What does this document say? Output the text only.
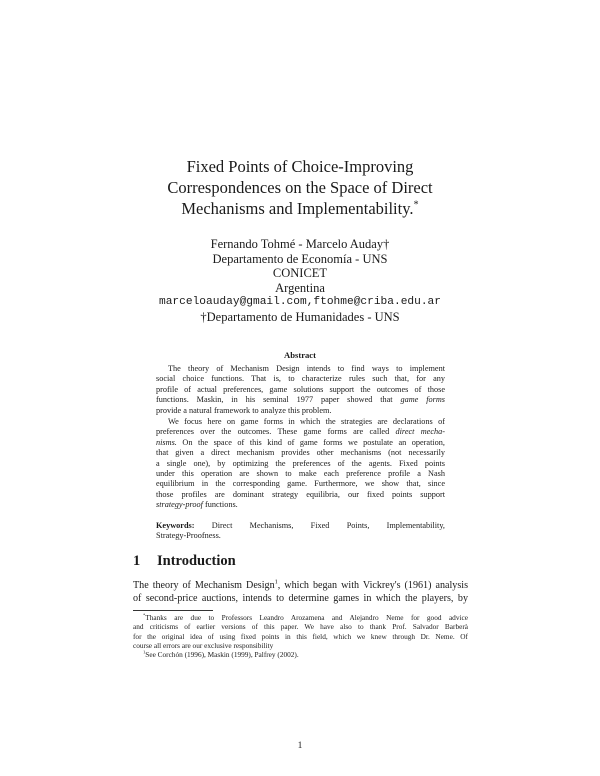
Fixed Points of Choice-Improving
Correspondences on the Space of Direct
Mechanisms and Implementability.*
Fernando Tohmé - Marcelo Auday†
Departamento de Economía - UNS
CONICET
Argentina
marceloauday@gmail.com,ftohme@criba.edu.ar
†Departamento de Humanidades - UNS
Abstract
The theory of Mechanism Design intends to find ways to implement
social choice functions. That is, to characterize rules such that, for any
profile of actual preferences, game solutions support the outcomes of those
functions. Maskin, in his seminal 1977 paper showed that game forms
provide a natural framework to analyze this problem.
We focus here on game forms in which the strategies are declarations of
preferences over the outcomes. These game forms are called direct mecha-
nisms. On the space of this kind of game forms we postulate an operation,
that given a direct mechanism provides other mechanisms (not necessarily
a single one), by optimizing the preferences of the agents. Fixed points
under this operation are shown to make each preference profile a Nash
equilibrium in the corresponding game. Furthermore, we show that, since
those profiles are dominant strategy equilibria, our fixed points support
strategy-proof functions.
Keywords: Direct Mechanisms, Fixed Points, Implementability,
Strategy-Proofness.
1 Introduction
The theory of Mechanism Design$^1$, which began with Vickrey's (1961) analysis
of second-price auctions, intends to determine games in which the players, by
*Thanks are due to Professors Leandro Arozamena and Alejandro Neme for good advice
and criticisms of earlier versions of this paper. We have also to thank Prof. Salvador Barberà
for the original idea of using fixed points in this field, which we knew through Dr. Neme. Of
course all errors are our exclusive responsibility
$^1$See Corchón (1996), Maskin (1999), Palfrey (2002).
1
